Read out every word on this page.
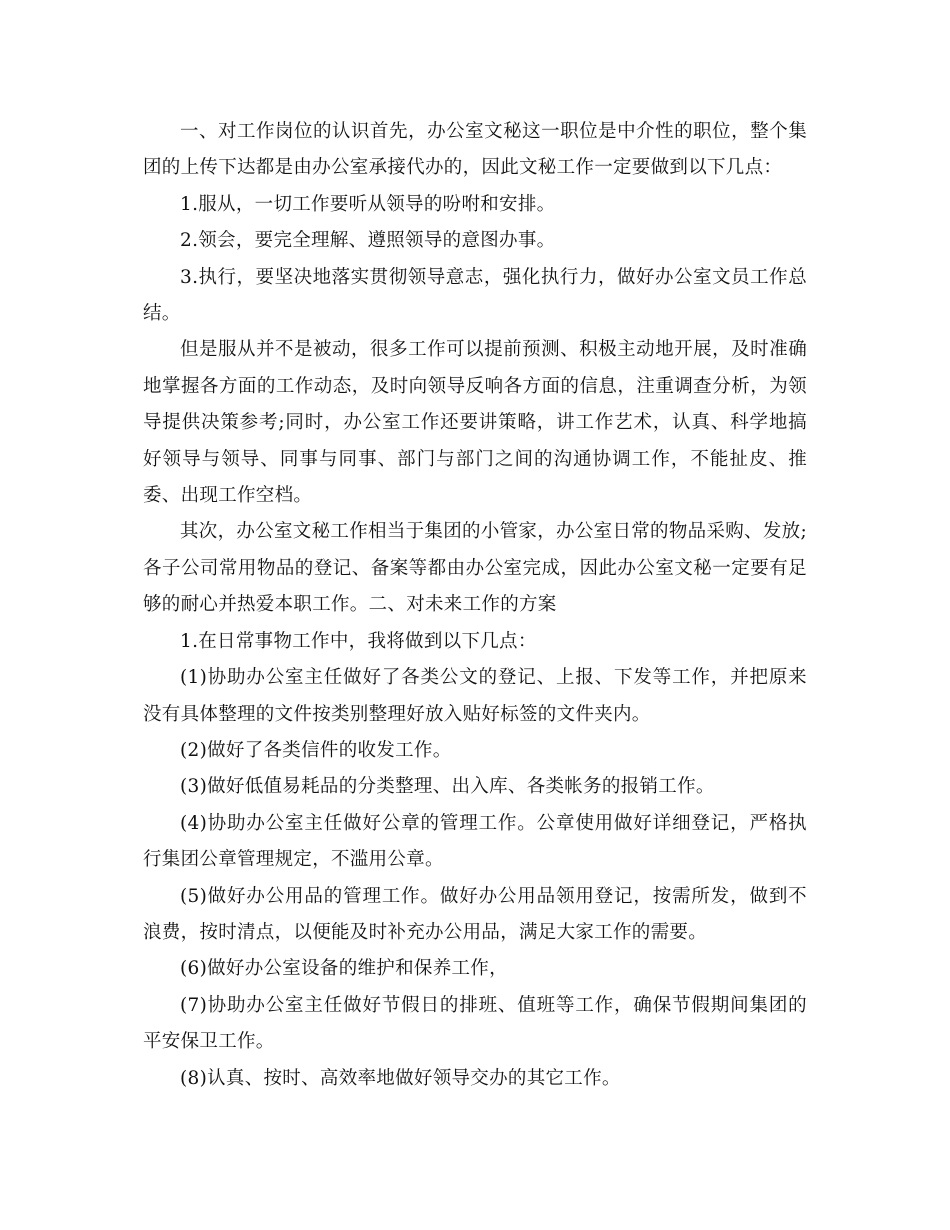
一、对工作岗位的认识首先，办公室文秘这一职位是中介性的职位，整个集团的上传下达都是由办公室承接代办的，因此文秘工作一定要做到以下几点：

1.服从，一切工作要听从领导的吩咐和安排。

2.领会，要完全理解、遵照领导的意图办事。

3.执行，要坚决地落实贯彻领导意志，强化执行力，做好办公室文员工作总结。

但是服从并不是被动，很多工作可以提前预测、积极主动地开展，及时准确地掌握各方面的工作动态，及时向领导反响各方面的信息，注重调查分析，为领导提供决策参考;同时，办公室工作还要讲策略，讲工作艺术，认真、科学地搞好领导与领导、同事与同事、部门与部门之间的沟通协调工作，不能扯皮、推委、出现工作空档。

其次，办公室文秘工作相当于集团的小管家，办公室日常的物品采购、发放;各子公司常用物品的登记、备案等都由办公室完成，因此办公室文秘一定要有足够的耐心并热爱本职工作。二、对未来工作的方案

1.在日常事物工作中，我将做到以下几点：

(1)协助办公室主任做好了各类公文的登记、上报、下发等工作，并把原来没有具体整理的文件按类别整理好放入贴好标签的文件夹内。

(2)做好了各类信件的收发工作。

(3)做好低值易耗品的分类整理、出入库、各类帐务的报销工作。

(4)协助办公室主任做好公章的管理工作。公章使用做好详细登记，严格执行集团公章管理规定，不滥用公章。

(5)做好办公用品的管理工作。做好办公用品领用登记，按需所发，做到不浪费，按时清点，以便能及时补充办公用品，满足大家工作的需要。

(6)做好办公室设备的维护和保养工作，

(7)协助办公室主任做好节假日的排班、值班等工作，确保节假期间集团的平安保卫工作。

(8)认真、按时、高效率地做好领导交办的其它工作。
